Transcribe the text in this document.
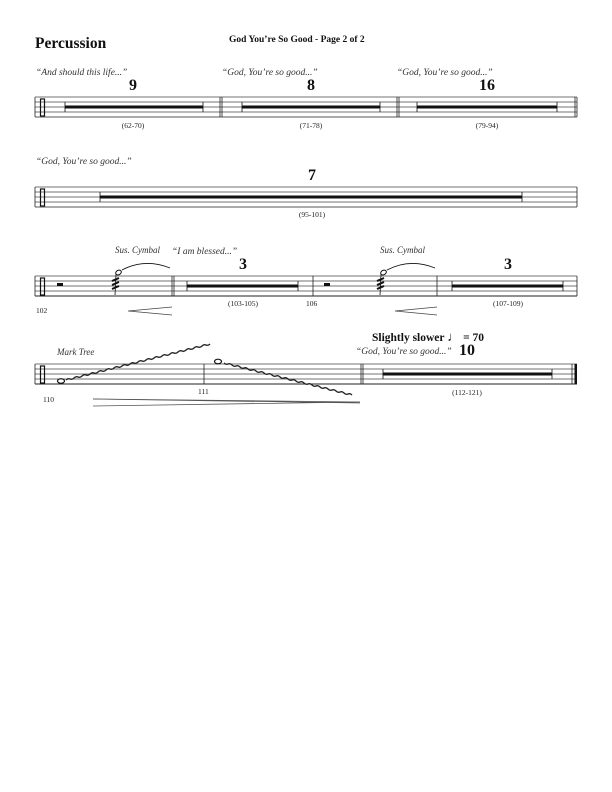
Percussion	God You’re So Good - Page 2 of 2
“And should this life...”
9
(62-70)
“God, You’re so good...”
8
(71-78)
“God, You’re so good...”
16
(79-94)
“God, You’re so good...”
7
(95-101)
Sus. Cymbal “I am blessed...”
3
(103-105)
102
106
Sus. Cymbal
3
(107-109)
Slightly slower ♩ = 70
Mark Tree	“God, You’re so good...” 10
110
111	(112-121)
